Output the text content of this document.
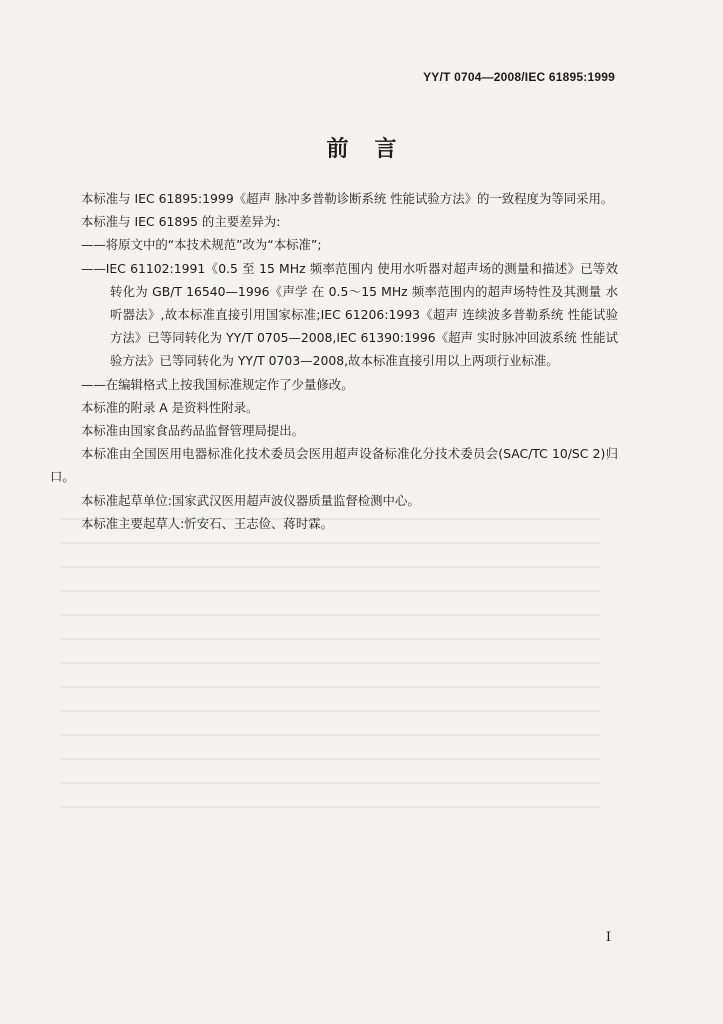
YY/T 0704—2008/IEC 61895:1999
前言

本标准与 IEC 61895:1999《超声 脉冲多普勒诊断系统 性能试验方法》的一致程度为等同采用。

本标准与 IEC 61895 的主要差异为:

——将原文中的“本技术规范”改为“本标准”;

——IEC 61102:1991《0.5 至 15 MHz 频率范围内 使用水听器对超声场的测量和描述》已等效转化为 GB/T 16540—1996《声学 在 0.5～15 MHz 频率范围内的超声场特性及其测量 水听器法》,故本标准直接引用国家标准;IEC 61206:1993《超声 连续波多普勒系统 性能试验方法》已等同转化为 YY/T 0705—2008,IEC 61390:1996《超声 实时脉冲回波系统 性能试验方法》已等同转化为 YY/T 0703—2008,故本标准直接引用以上两项行业标准。

——在编辑格式上按我国标准规定作了少量修改。

本标准的附录 A 是资料性附录。

本标准由国家食品药品监督管理局提出。

本标准由全国医用电器标准化技术委员会医用超声设备标准化分技术委员会(SAC/TC 10/SC 2)归口。

本标准起草单位:国家武汉医用超声波仪器质量监督检测中心。

本标准主要起草人:忻安石、王志俭、蒋时霖。

I
